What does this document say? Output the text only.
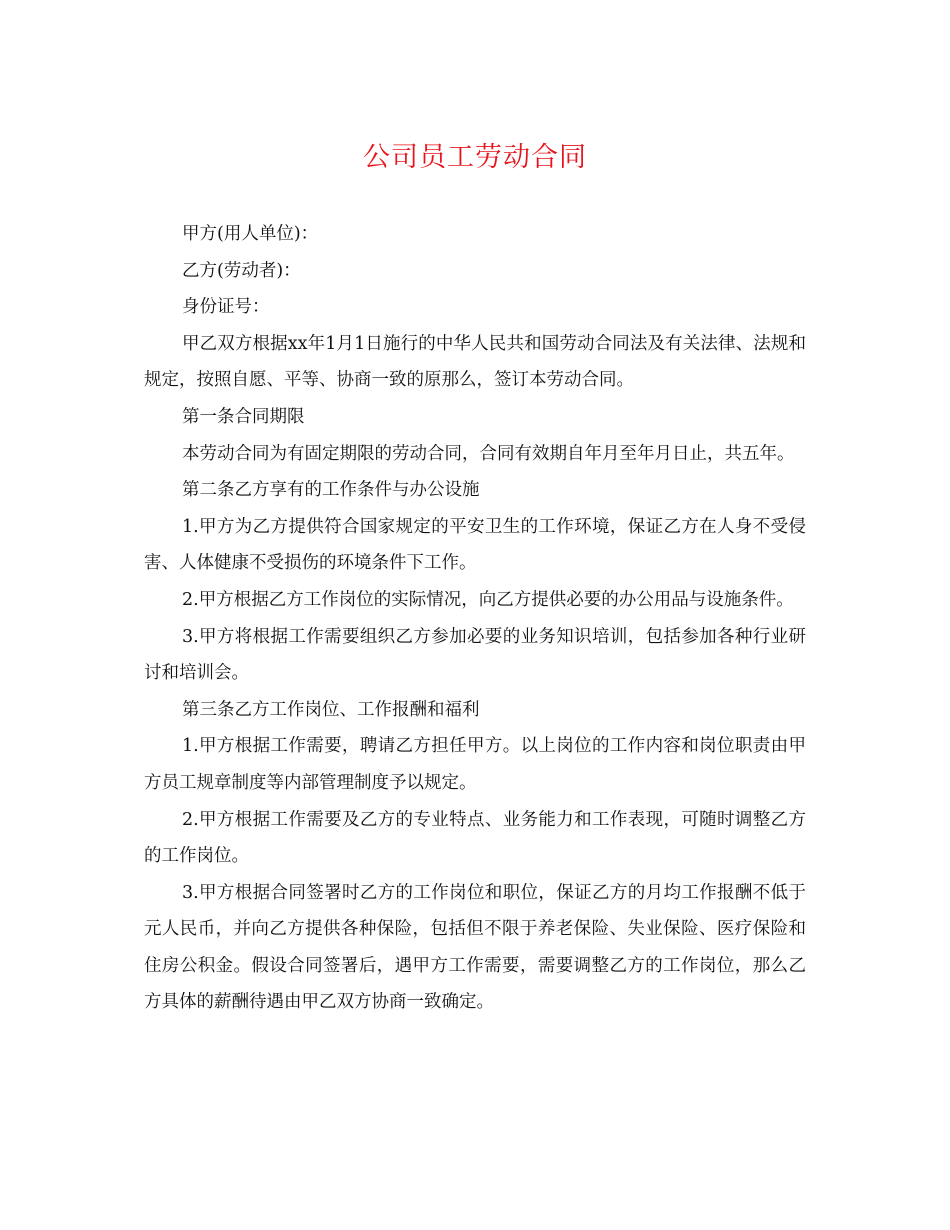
公司员工劳动合同

甲方(用人单位)：

乙方(劳动者)：

身份证号：

甲乙双方根据xx年1月1日施行的中华人民共和国劳动合同法及有关法律、法规和规定，按照自愿、平等、协商一致的原那么，签订本劳动合同。

第一条合同期限

本劳动合同为有固定期限的劳动合同，合同有效期自年月至年月日止，共五年。

第二条乙方享有的工作条件与办公设施

1.甲方为乙方提供符合国家规定的平安卫生的工作环境，保证乙方在人身不受侵害、人体健康不受损伤的环境条件下工作。

2.甲方根据乙方工作岗位的实际情况，向乙方提供必要的办公用品与设施条件。

3.甲方将根据工作需要组织乙方参加必要的业务知识培训，包括参加各种行业研讨和培训会。

第三条乙方工作岗位、工作报酬和福利

1.甲方根据工作需要，聘请乙方担任甲方。以上岗位的工作内容和岗位职责由甲方员工规章制度等内部管理制度予以规定。

2.甲方根据工作需要及乙方的专业特点、业务能力和工作表现，可随时调整乙方的工作岗位。

3.甲方根据合同签署时乙方的工作岗位和职位，保证乙方的月均工作报酬不低于元人民币，并向乙方提供各种保险，包括但不限于养老保险、失业保险、医疗保险和住房公积金。假设合同签署后，遇甲方工作需要，需要调整乙方的工作岗位，那么乙方具体的薪酬待遇由甲乙双方协商一致确定。
